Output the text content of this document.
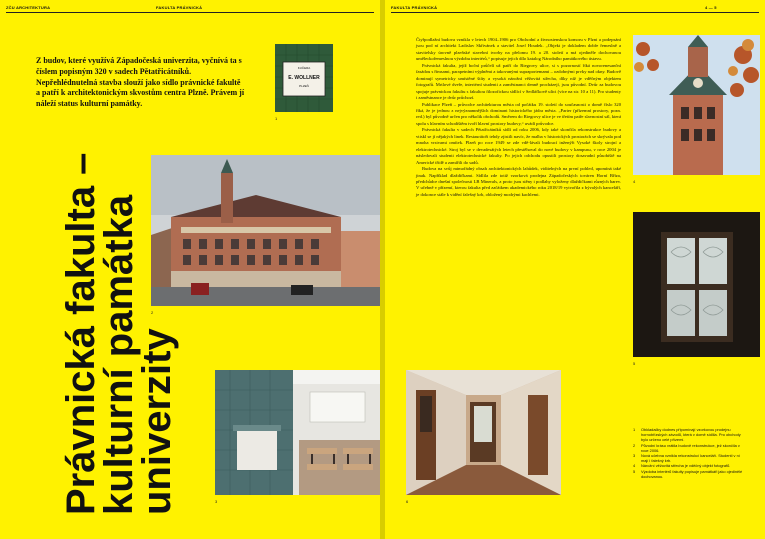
ZČU ARCHITEKTURA	FAKULTA PRÁVNICKÁ

Z budov, které využívá Západočeská univerzita, vyčnívá ta s číslem popisným 320 v sadech Pětatřicátníků. Nepřehlédnutelná stavba slouží jako sídlo právnické fakultě a patří k architektonickým skvostům centra Plzně. Právem jí náleží status kulturní památky.

KUČERA
E. WOLLNER
PLZEŇ
1
Právnická fakulta –
kulturní památka
univerzity
2
3
FAKULTA PRÁVNICKÁ	4 — 5
6
4
5

Čtyřpodlažní budova vznikla v letech 1904–1906 pro Obchodní a živnostenskou komoru v Plzni a podepsání jsou pod ní architekt Ladislav Skřivánek a stavitel Josef Houdek. „Objekt je dokladem dobře řemeslně a stavitelsky úrovně plzeňské stavební tvorby na přelomu 19. a 20. století a má ojediněle dochovanou uměleckořemeslnou výzdobu interiérů,“ popisuje jejich dílo katalog Národního památkového ústavu.

Právnická fakulta, jejíž boční průčelí už patří do Riegrovy ulice, si s pozorností říká novorenesanční fasádou s římsami, parapetními výplněmi a takovanými supraportemami – ozdobnými prvky nad okny. Budově dominují symetricky umístěné štíty a vysoká nárožní věžovitá střecha, díky níž je vděčným objektem fotografů. Mrtlové dveře, interiérní studenti a zaměstnanci denně procházejí, jsou původní. Dvůr za budovou spojuje právnickou fakultu s fakultou filozofickou sídlící v Sedláčkově ulici (více na str. 10 a 11). Pro studenty i zaměstnance je dvůr průchozí.

Publikace Plzeň – průvodce architekturou města od počátku 19. století do současnosti o domě číslo 320 říká, že je jednou z nejvýznamnějších dominant historického jádra města. „Parter (přízemní prostory, pozn. red.) byl původně určen pro několik obchodů. Směrem do Riegrovy ulice je ve třetím patře slavnostní sál, která spolu s hlavním schodištěm tvoří hlavní prostory budovy,“ uvádí průvodce.

Právnická fakulta v sadech Pětatřicátníků sídlí od roku 2006, kdy také skončila rekonstrukce budovy a vtiskl se jí nějakých linek. Restaurátoři tehdy zjistili navíc, že malba v historických prostorách se skrývala pod mnoha vrstvami omítek. Plzeň po roce 1949 se zde vdě-lávali budoucí inženýři Vysoké školy strojní a elektrotechnické. Stroj byl se v devadesátých letech přestěhoval do nové budovy v kampusu, v roce 2004 je následovali studenti elektrotechnické fakulty. Po jejich odchodu opustili prostory dosavadní působiště na Americké třídě a zamířili do sadů.

Budova na svůj mimořádný obsah architektonických lahůdek, viditelných na první pohled, upomíná také jinak. Například dlaždičkami. Sídlila zde totiž vzorková prodejna Západočeských továren Horní Bříza, předchůdce dnešní společnosti LB Minerals, a proto jsou stěny i podlahy vyloženy dlaždičkami různých barev. V učebně v přízemí, kterou fakulta před začátkem akademického roku 2018/19 vytvořila z bývalých kanceláří, je dokonce stále k vidění falešný krb, obložený modrými kachlemi.

1	Obkladačky dodnes připomínají vzorkovou prodejnu hornobřízských závodů, která v domě sídlila. Pro obchody bylo určeno celé přízemí.
2	Původní krásu vrátila budově rekonstrukce, jež skončila v roce 2006.
3	Nová učebna vznikla rekonstrukcí kanceláří. Studenti v ní mají i falešný krb.
4	Nárožní věžovitá střecha je vděčný objekt fotografů.
5	Výzdoba interiérů fakulty popisuje památkáři jako ojedinělé dochovanou.
